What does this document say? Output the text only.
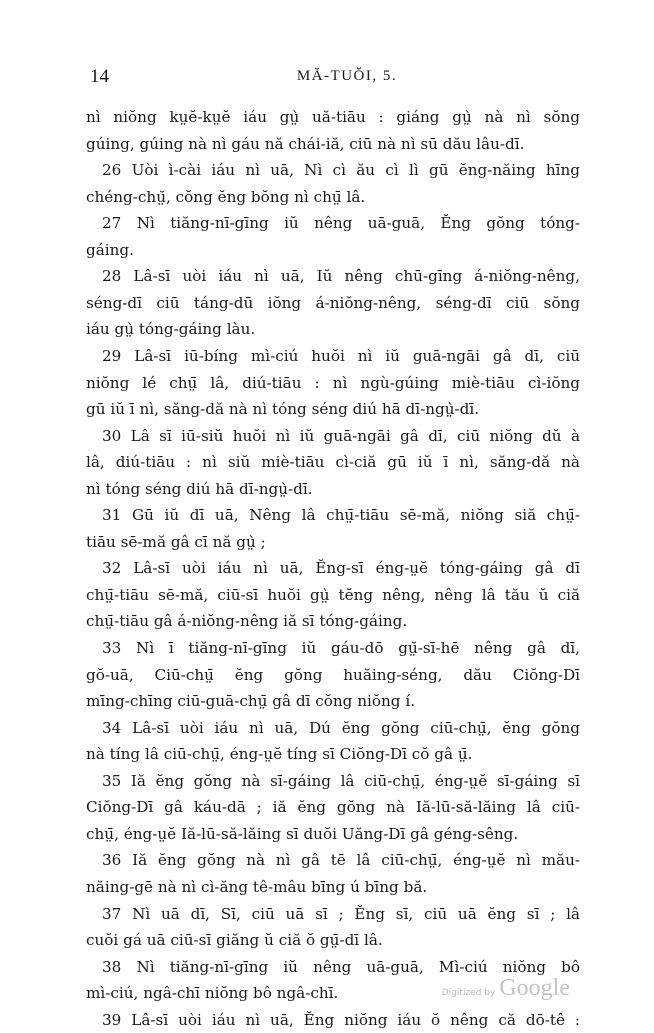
14	MĂ-TUŎI, 5.
nì niŏng kṳĕ-kṳĕ iáu gṳ̀ uă-tiāu : giáng gṳ̀ nà nì sŏng
gúing, gúing nà nì gáu nă chái-iă, ciū nà nì sū dău lâu-dī.
26 Uòi ì-cài iáu nì uā, Nì cì ău cì lì gū ĕng-năing hīng
chéng-chṳ̆, cŏng ĕng bŏng nì chṳ̄ lâ.
27 Nì tiăng-nī-gīng iŭ nêng uā-guā, Ĕng gŏng tóng-
gáing.
28 Lâ-sī uòi iáu nì uā, Iŭ nêng chū-gīng á-niŏng-nêng,
séng-dī ciū táng-dū iŏng á-niŏng-nêng, séng-dī ciū sŏng
iáu gṳ̀ tóng-gáing làu.
29 Lâ-sī iū-bíng mì-ciú huŏi nì iŭ guā-ngāi gâ dī, ciū
niŏng lé chṳ̄ lâ, diú-tiāu : nì ngù-gúing miè-tiāu cì-iŏng
gū iŭ ī nì, săng-dă nà nì tóng séng diú hā dī-ngṳ̀-dī.
30 Lâ sī iū-siŭ huŏi nì iŭ guā-ngāi gâ dī, ciū niŏng dŭ à
lâ, diú-tiāu : nì siŭ miè-tiāu cì-ciă gū iŭ ī nì, săng-dă nà
nì tóng séng diú hā dī-ngṳ̀-dī.
31 Gū iŭ dī uā, Nêng lâ chṳ̄-tiāu sē-mă, niŏng siă chṳ̄-
tiāu sē-mă gâ cī nă gṳ̀ ;
32 Lâ-sī uòi iáu nì uā, Ĕng-sī éng-ṳĕ tóng-gáing gâ dī
chṳ̄-tiāu sē-mă, ciū-sī huŏi gṳ̀ tĕng nêng, nêng lâ tău ŭ ciă
chṳ̄-tiāu gâ á-niŏng-nêng iă sī tóng-gáing.
33 Nì ī tiăng-nī-gīng iŭ gáu-dō gṳ̆-sī-hē nêng gâ dī,
gŏ-uā, Ciū-chṳ̄ ĕng gŏng huăing-séng, dău Ciŏng-Dī
mīng-chīng ciū-guā-chṳ̄ gâ dī cŏng niŏng í.
34 Lâ-sī uòi iáu nì uā, Dú ĕng gŏng ciū-chṳ̄, ĕng gŏng
nà tíng lâ ciū-chṳ̄, éng-ṳĕ tíng sī Ciŏng-Dī cŏ gâ ṳ̄.
35 Iă ĕng gŏng nà sī-gáing lâ ciū-chṳ̄, éng-ṳĕ sī-gáing sī
Ciŏng-Dī gâ káu-dā ; iă ĕng gŏng nà Iă-lū-să-lăing lâ ciū-
chṳ̄, éng-ṳĕ Iă-lū-să-lăing sī duŏi Uăng-Dī gâ géng-sêng.
36 Iă ĕng gŏng nà nì gâ tē lâ ciū-chṳ̄, éng-ṳĕ nì mău-
năing-gē nà nì cì-ăng tê-mâu bīng ú bīng bă.
37 Nì uā dī, Sī, ciū uā sī ; Ĕng sī, ciū uā ĕng sī ; lâ
cuŏi gá uā ciū-sī giăng ŭ ciă ŏ gṳ̄-dī lâ.
38 Nì tiăng-nī-gīng iŭ nêng uā-guā, Mì-ciú niŏng bô
mì-ciú, ngâ-chī niŏng bô ngâ-chī.
39 Lâ-sī uòi iáu nì uā, Ĕng niŏng iáu ŏ nêng că dō-tê :
Digitized by Google
